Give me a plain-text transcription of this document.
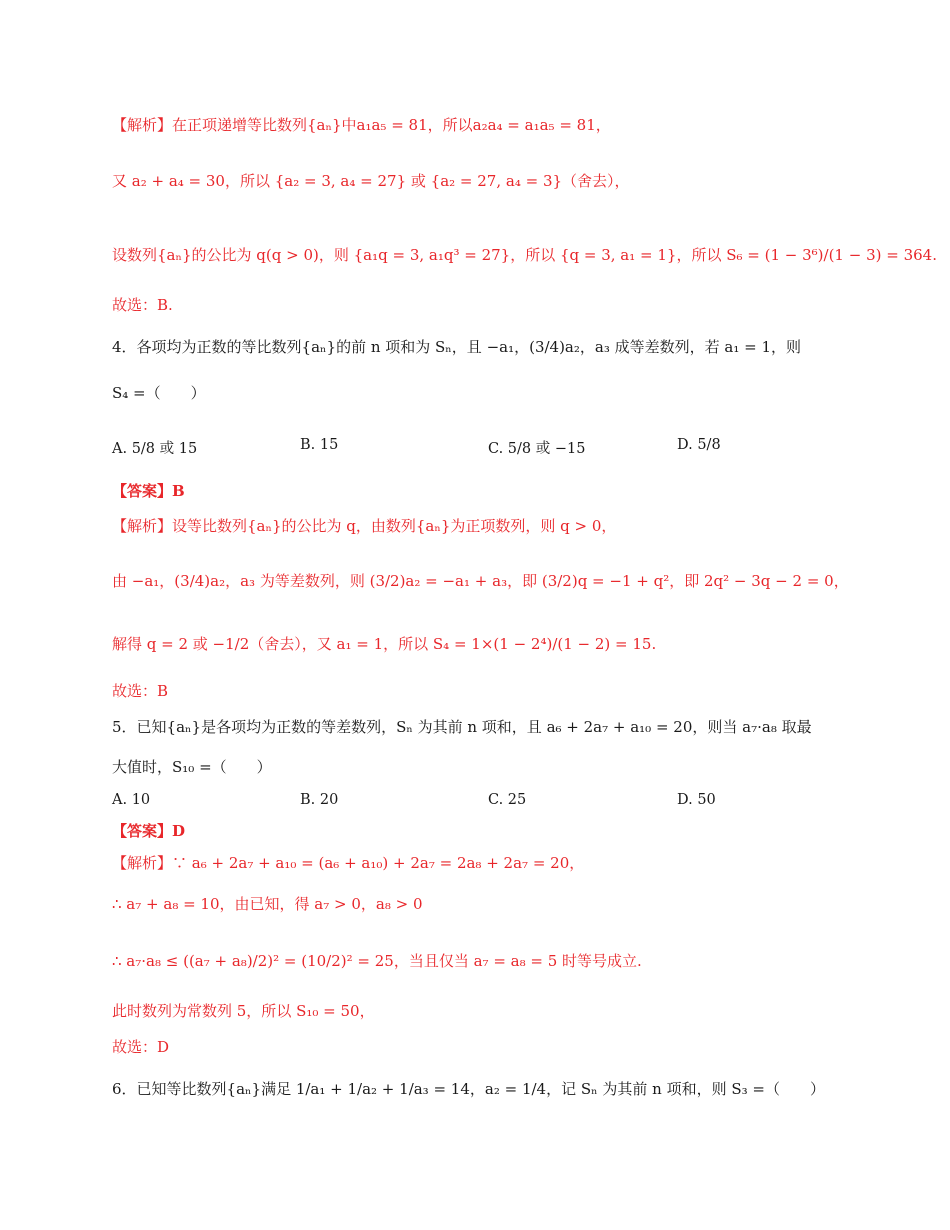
【解析】在正项递增等比数列{aₙ}中a₁a₅ = 81，所以a₂a₄ = a₁a₅ = 81，
又 a₂ + a₄ = 30，所以 {a₂ = 3, a₄ = 27} 或 {a₂ = 27, a₄ = 3}（舍去），
设数列{aₙ}的公比为 q(q > 0)，则 {a₁q = 3, a₁q³ = 27}，所以 {q = 3, a₁ = 1}，所以 S₆ = (1 − 3⁶)/(1 − 3) = 364.
故选：B.
4．各项均为正数的等比数列{aₙ}的前 n 项和为 Sₙ，且 −a₁，(3/4)a₂，a₃ 成等差数列，若 a₁ = 1，则
S₄ =（　　）
A. 5/8 或 15	B. 15	C. 5/8 或 −15	D. 5/8
【答案】B
【解析】设等比数列{aₙ}的公比为 q，由数列{aₙ}为正项数列，则 q > 0，
由 −a₁，(3/4)a₂，a₃ 为等差数列，则 (3/2)a₂ = −a₁ + a₃，即 (3/2)q = −1 + q²，即 2q² − 3q − 2 = 0，
解得 q = 2 或 −1/2（舍去），又 a₁ = 1，所以 S₄ = 1×(1 − 2⁴)/(1 − 2) = 15.
故选：B
5．已知{aₙ}是各项均为正数的等差数列，Sₙ 为其前 n 项和，且 a₆ + 2a₇ + a₁₀ = 20，则当 a₇·a₈ 取最
大值时，S₁₀ =（　　）
A. 10	B. 20	C. 25	D. 50
【答案】D
【解析】∵ a₆ + 2a₇ + a₁₀ = (a₆ + a₁₀) + 2a₇ = 2a₈ + 2a₇ = 20，
∴ a₇ + a₈ = 10，由已知，得 a₇ > 0，a₈ > 0
∴ a₇·a₈ ≤ ((a₇ + a₈)/2)² = (10/2)² = 25，当且仅当 a₇ = a₈ = 5 时等号成立.
此时数列为常数列 5，所以 S₁₀ = 50，
故选：D
6．已知等比数列{aₙ}满足 1/a₁ + 1/a₂ + 1/a₃ = 14，a₂ = 1/4，记 Sₙ 为其前 n 项和，则 S₃ =（　　）
